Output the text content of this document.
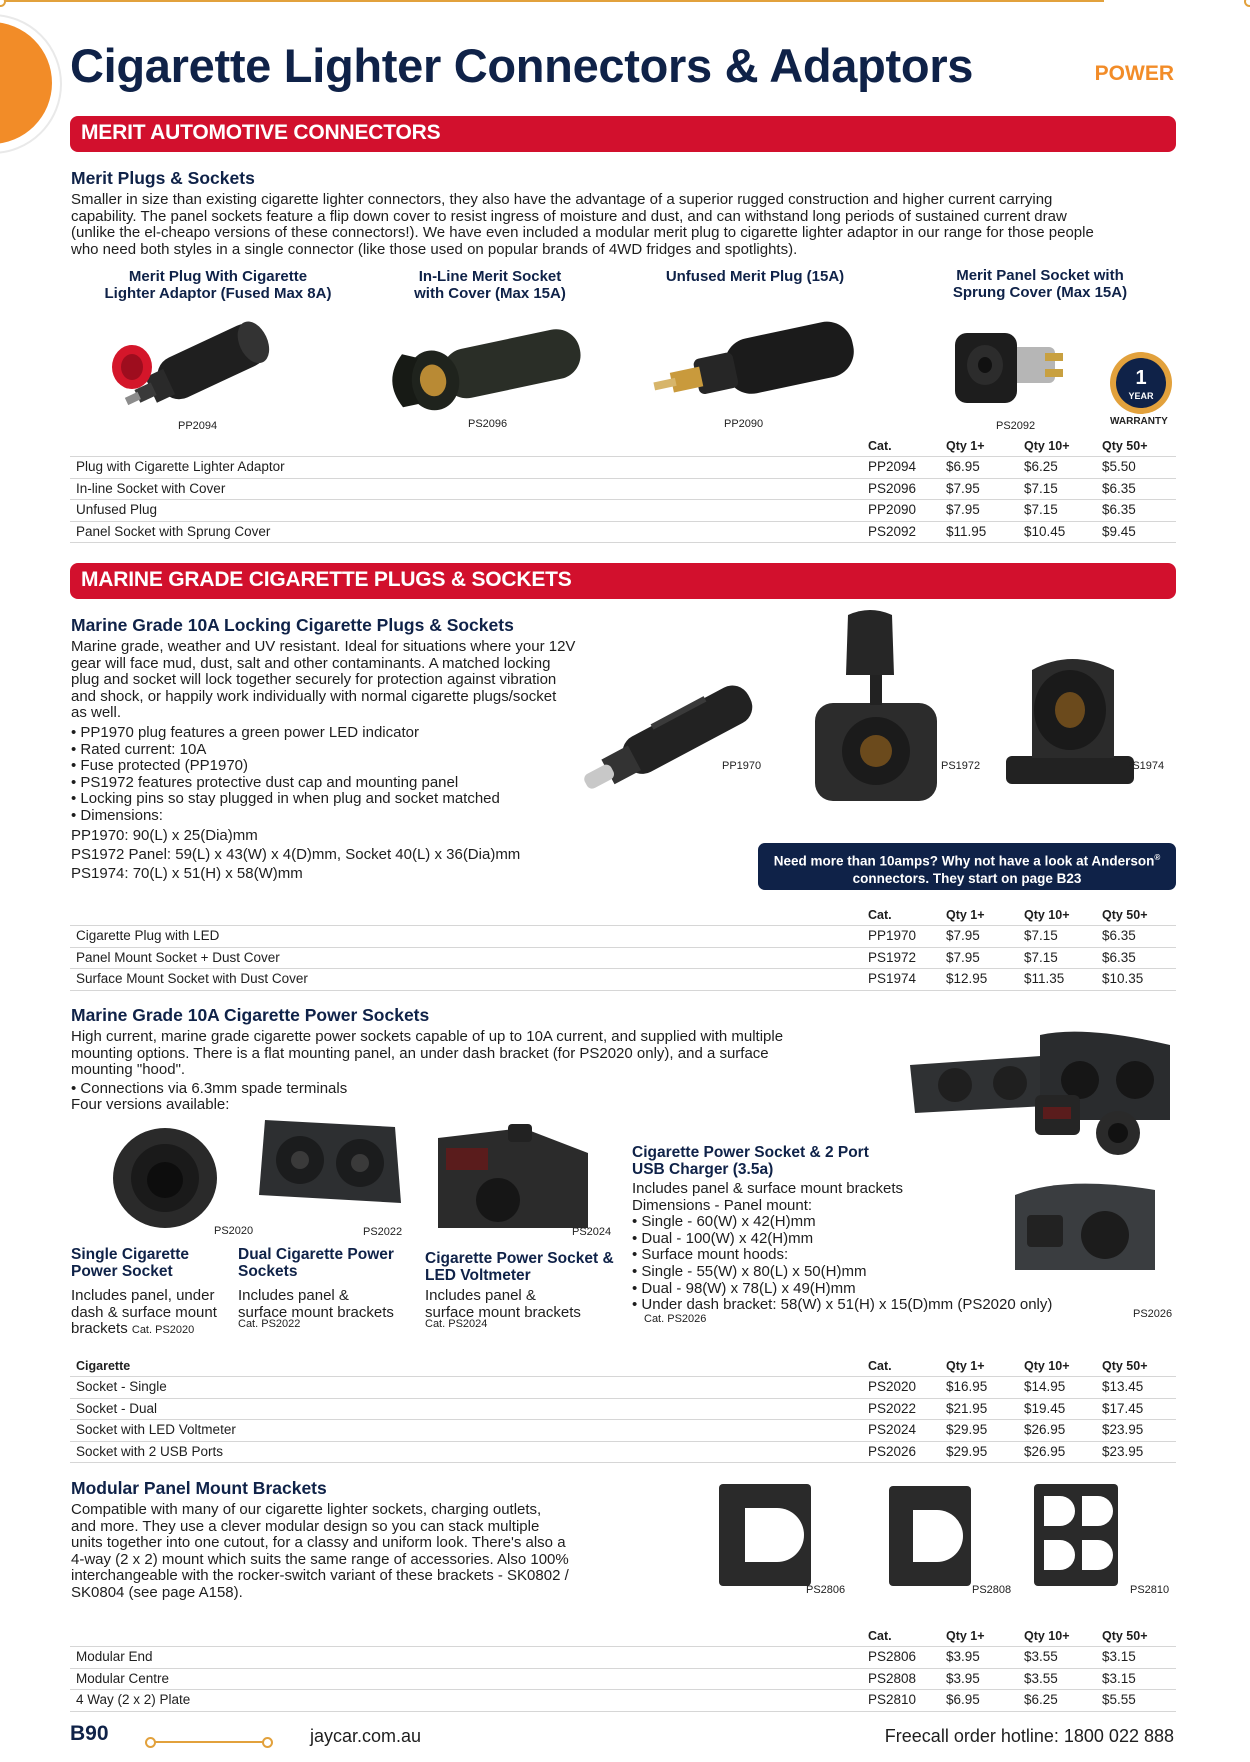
Cigarette Lighter Connectors & Adaptors	POWER
MERIT AUTOMOTIVE CONNECTORS
Merit Plugs & Sockets
Smaller in size than existing cigarette lighter connectors, they also have the advantage of a superior rugged construction and higher current carrying
capability. The panel sockets feature a flip down cover to resist ingress of moisture and dust, and can withstand long periods of sustained current draw
(unlike the el-cheapo versions of these connectors!). We have even included a modular merit plug to cigarette lighter adaptor in our range for those people
who need both styles in a single connector (like those used on popular brands of 4WD fridges and spotlights).
Merit Plug With Cigarette
Lighter Adaptor (Fused Max 8A)
In-Line Merit Socket
with Cover (Max 15A)
Unfused Merit Plug (15A)	Merit Panel Socket with
Sprung Cover (Max 15A)
1
YEAR
WARRANTY
PP2094	PS2096	PP2090	PS2092
Cat.	Qty 1+	Qty 10+	Qty 50+
Plug with Cigarette Lighter Adaptor	PP2094 $6.95	$6.25	$5.50
In-line Socket with Cover	PS2096 $7.95	$7.15	$6.35
Unfused Plug	PP2090 $7.95	$7.15	$6.35
Panel Socket with Sprung Cover	PS2092 $11.95	$10.45	$9.45
MARINE GRADE CIGARETTE PLUGS & SOCKETS
Marine Grade 10A Locking Cigarette Plugs & Sockets
Marine grade, weather and UV resistant. Ideal for situations where your 12V
gear will face mud, dust, salt and other contaminants. A matched locking
plug and socket will lock together securely for protection against vibration
and shock, or happily work individually with normal cigarette plugs/socket
as well.
• PP1970 plug features a green power LED indicator
• Rated current: 10A
• Fuse protected (PP1970)
• PS1972 features protective dust cap and mounting panel
• Locking pins so stay plugged in when plug and socket matched
• Dimensions:
PP1970: 90(L) x 25(Dia)mm
PS1972 Panel: 59(L) x 43(W) x 4(D)mm, Socket 40(L) x 36(Dia)mm
PS1974: 70(L) x 51(H) x 58(W)mm
PP1970	PS1972	PS1974
Need more than 10amps? Why not have a look at Anderson®
connectors. They start on page B23
Cat.	Qty 1+	Qty 10+	Qty 50+
Cigarette Plug with LED	PP1970 $7.95	$7.15	$6.35
Panel Mount Socket + Dust Cover	PS1972 $7.95	$7.15	$6.35
Surface Mount Socket with Dust Cover	PS1974 $12.95	$11.35	$10.35
Marine Grade 10A Cigarette Power Sockets
High current, marine grade cigarette power sockets capable of up to 10A current, and supplied with multiple
mounting options. There is a flat mounting panel, an under dash bracket (for PS2020 only), and a surface
mounting "hood".
• Connections via 6.3mm spade terminals
Four versions available:
PS2020	PS2022	PS2024
PS2026
Single Cigarette
Power Socket
Includes panel, under
dash & surface mount
brackets Cat. PS2020
Dual Cigarette Power
Sockets
Includes panel &
surface mount brackets
Cat. PS2022
Cigarette Power Socket &
LED Voltmeter
Includes panel &
surface mount brackets
Cat. PS2024
Cigarette Power Socket & 2 Port
USB Charger (3.5a)
Includes panel & surface mount brackets
Dimensions - Panel mount:
• Single - 60(W) x 42(H)mm
• Dual - 100(W) x 42(H)mm
• Surface mount hoods:
• Single - 55(W) x 80(L) x 50(H)mm
• Dual - 98(W) x 78(L) x 49(H)mm
• Under dash bracket: 58(W) x 51(H) x 15(D)mm (PS2020 only)
Cat. PS2026
Cigarette	Cat.	Qty 1+	Qty 10+	Qty 50+
Socket - Single	PS2020 $16.95	$14.95	$13.45
Socket - Dual	PS2022 $21.95	$19.45	$17.45
Socket with LED Voltmeter	PS2024 $29.95	$26.95	$23.95
Socket with 2 USB Ports	PS2026 $29.95	$26.95	$23.95
Modular Panel Mount Brackets
Compatible with many of our cigarette lighter sockets, charging outlets,
and more. They use a clever modular design so you can stack multiple
units together into one cutout, for a classy and uniform look. There's also a
4-way (2 x 2) mount which suits the same range of accessories. Also 100%
interchangeable with the rocker-switch variant of these brackets - SK0802 /
SK0804 (see page A158).	PS2806	PS2808	PS2810
Cat.	Qty 1+	Qty 10+	Qty 50+
Modular End	PS2806 $3.95	$3.55	$3.15
Modular Centre	PS2808 $3.95	$3.55	$3.15
4 Way (2 x 2) Plate	PS2810 $6.95	$6.25	$5.55
B90	jaycar.com.au	Freecall order hotline: 1800 022 888
